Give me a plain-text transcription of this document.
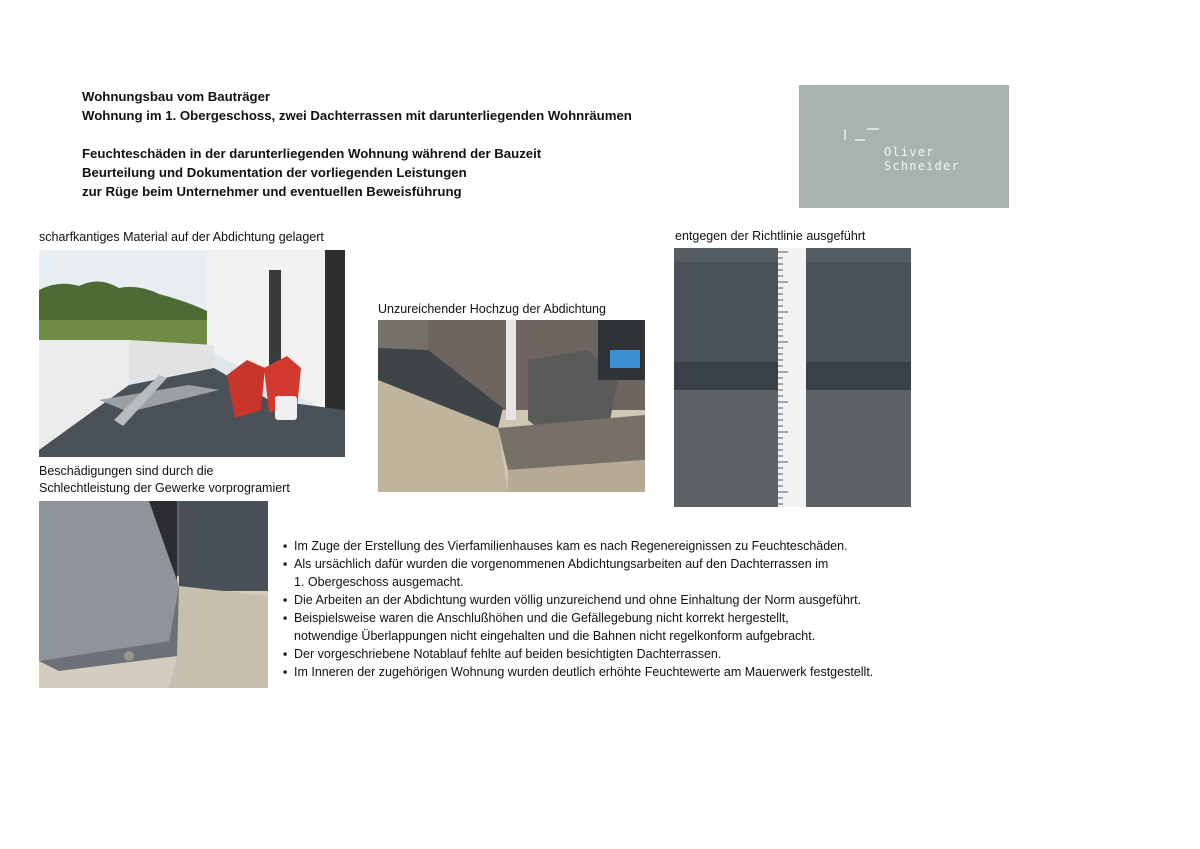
Wohnungsbau vom Bauträger
Wohnung im 1. Obergeschoss, zwei Dachterrassen mit darunterliegenden Wohnräumen
Feuchteschäden in der darunterliegenden Wohnung während der Bauzeit
Beurteilung und Dokumentation der vorliegenden Leistungen
zur Rüge beim Unternehmer und eventuellen Beweisführung
Oliver
Schneider
scharfkantiges Material auf der Abdichtung gelagert
Unzureichender Hochzug der Abdichtung
entgegen der Richtlinie ausgeführt
Beschädigungen sind durch die
Schlechtleistung der Gewerke vorprogramiert
▪ Im Zuge der Erstellung des Vierfamilienhauses kam es nach Regenereignissen zu Feuchteschäden.
▪ Als ursächlich dafür wurden die vorgenommenen Abdichtungsarbeiten auf den Dachterrassen im
1. Obergeschoss ausgemacht.
▪ Die Arbeiten an der Abdichtung wurden völlig unzureichend und ohne Einhaltung der Norm ausgeführt.
▪ Beispielsweise waren die Anschlußhöhen und die Gefällegebung nicht korrekt hergestellt,
notwendige Überlappungen nicht eingehalten und die Bahnen nicht regelkonform aufgebracht.
▪ Der vorgeschriebene Notablauf fehlte auf beiden besichtigten Dachterrassen.
▪ Im Inneren der zugehörigen Wohnung wurden deutlich erhöhte Feuchtewerte am Mauerwerk festgestellt.
